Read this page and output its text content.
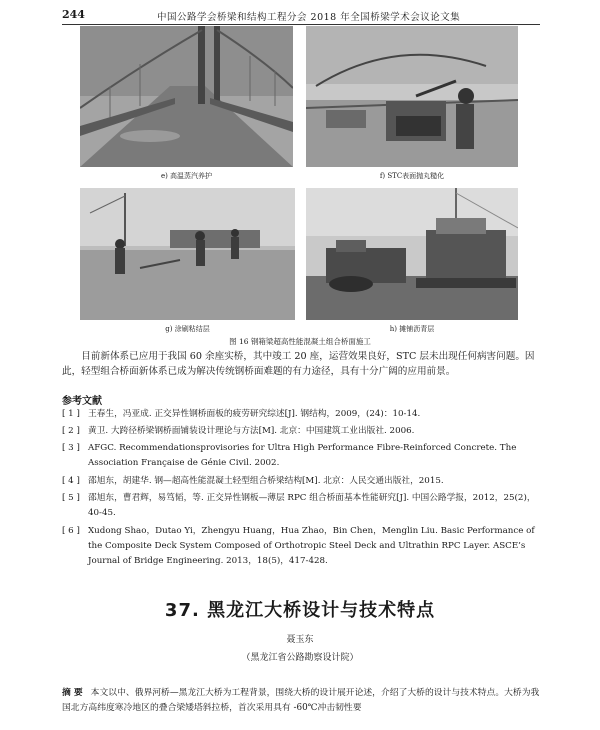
244	中国公路学会桥梁和结构工程分会 2018 年全国桥梁学术会议论文集
e) 高温蒸汽养护	f) STC表面抛丸糙化
g) 涂刷粘结层	h) 摊铺沥青层
图 16 钢箱梁超高性能混凝土组合桥面施工

目前新体系已应用于我国 60 余座实桥，其中竣工 20 座，运营效果良好，STC 层未出现任何病害问题。因此，轻型组合桥面新体系已成为解决传统钢桥面难题的有力途径，具有十分广阔的应用前景。

参考文献
[ 1 ] 王春生，冯亚成. 正交异性钢桥面板的疲劳研究综述[J]. 钢结构，2009，(24)：10-14.
[ 2 ] 黄卫. 大跨径桥梁钢桥面铺装设计理论与方法[M]. 北京：中国建筑工业出版社. 2006.
[ 3 ] AFGC. Recommendationsprovisories for Ultra High Performance Fibre-Reinforced Concrete. The Association Française de Génie Civil. 2002.
[ 4 ] 邵旭东，胡建华. 钢—超高性能混凝土轻型组合桥梁结构[M]. 北京：人民交通出版社，2015.
[ 5 ] 邵旭东，曹君辉，易笃韬，等. 正交异性钢板—薄层 RPC 组合桥面基本性能研究[J]. 中国公路学报，2012，25(2)，40-45.
[ 6 ] Xudong Shao，Dutao Yi，Zhengyu Huang，Hua Zhao，Bin Chen，Menglin Liu. Basic Performance of the Composite Deck System Composed of Orthotropic Steel Deck and Ultrathin RPC Layer. ASCE’s Journal of Bridge Engineering. 2013，18(5)，417-428.
37. 黑龙江大桥设计与技术特点
聂玉东
（黑龙江省公路勘察设计院）
摘 要 本文以中、俄界河桥—黑龙江大桥为工程背景，围绕大桥的设计展开论述，介绍了大桥的设计与技术特点。大桥为我国北方高纬度寒冷地区的叠合梁矮塔斜拉桥，首次采用具有 -60℃冲击韧性要
